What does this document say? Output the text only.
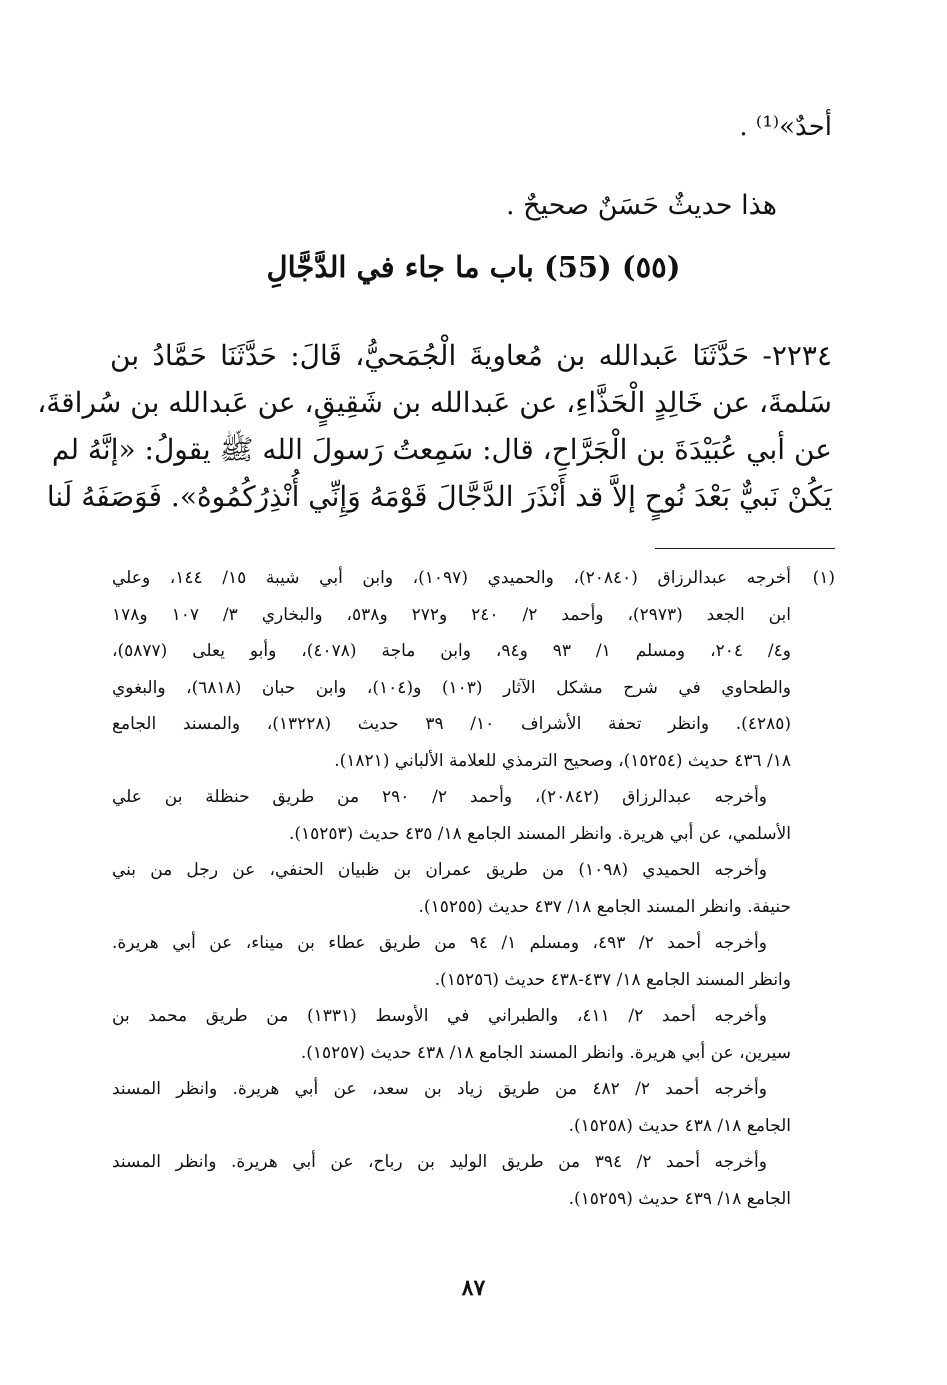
أحدٌ»⁽¹⁾ .
هذا حديثٌ حَسَنٌ صحيحٌ .
(٥٥) (55) باب ما جاء في الدَّجَّالِ
٢٢٣٤- حَدَّثَنَا عَبدالله بن مُعاويةَ الْجُمَحيُّ، قَالَ: حَدَّثَنَا حَمَّادُ بن
سَلمةَ، عن خَالِدٍ الْحَذَّاءِ، عن عَبدالله بن شَقِيقٍ، عن عَبدالله بن سُراقةَ،
عن أبي عُبَيْدَةَ بن الْجَرَّاحِ، قال: سَمِعتُ رَسولَ الله ﷺ يقولُ: «إنَّهُ لم
يَكُنْ نَبيٌّ بَعْدَ نُوحٍ إلاَّ قد أَنْذَرَ الدَّجَّالَ قَوْمَهُ وَإِنِّي أُنْذِرُكُمُوهُ». فَوَصَفَهُ لَنا
(١)
أخرجه عبدالرزاق (٢٠٨٤٠)، والحميدي (١٠٩٧)، وابن أبي شيبة ١٥/ ١٤٤، وعلي
ابن الجعد (٢٩٧٣)، وأحمد ٢/ ٢٤٠ و٢٧٢ و٥٣٨، والبخاري ٣/ ١٠٧ و١٧٨
و٤/ ٢٠٤، ومسلم ١/ ٩٣ و٩٤، وابن ماجة (٤٠٧٨)، وأبو يعلى (٥٨٧٧)،
والطحاوي في شرح مشكل الآثار (١٠٣) و(١٠٤)، وابن حبان (٦٨١٨)، والبغوي
(٤٢٨٥). وانظر تحفة الأشراف ١٠/ ٣٩ حديث (١٣٢٢٨)، والمسند الجامع
١٨/ ٤٣٦ حديث (١٥٢٥٤)، وصحيح الترمذي للعلامة الألباني (١٨٢١).
وأخرجه عبدالرزاق (٢٠٨٤٢)، وأحمد ٢/ ٢٩٠ من طريق حنظلة بن علي
الأسلمي، عن أبي هريرة. وانظر المسند الجامع ١٨/ ٤٣٥ حديث (١٥٢٥٣).
وأخرجه الحميدي (١٠٩٨) من طريق عمران بن ظبيان الحنفي، عن رجل من بني
حنيفة. وانظر المسند الجامع ١٨/ ٤٣٧ حديث (١٥٢٥٥).
وأخرجه أحمد ٢/ ٤٩٣، ومسلم ١/ ٩٤ من طريق عطاء بن ميناء، عن أبي هريرة.
وانظر المسند الجامع ١٨/ ٤٣٧-٤٣٨ حديث (١٥٢٥٦).
وأخرجه أحمد ٢/ ٤١١، والطبراني في الأوسط (١٣٣١) من طريق محمد بن
سيرين، عن أبي هريرة. وانظر المسند الجامع ١٨/ ٤٣٨ حديث (١٥٢٥٧).
وأخرجه أحمد ٢/ ٤٨٢ من طريق زياد بن سعد، عن أبي هريرة. وانظر المسند
الجامع ١٨/ ٤٣٨ حديث (١٥٢٥٨).
وأخرجه أحمد ٢/ ٣٩٤ من طريق الوليد بن رباح، عن أبي هريرة. وانظر المسند
الجامع ١٨/ ٤٣٩ حديث (١٥٢٥٩).
٨٧
